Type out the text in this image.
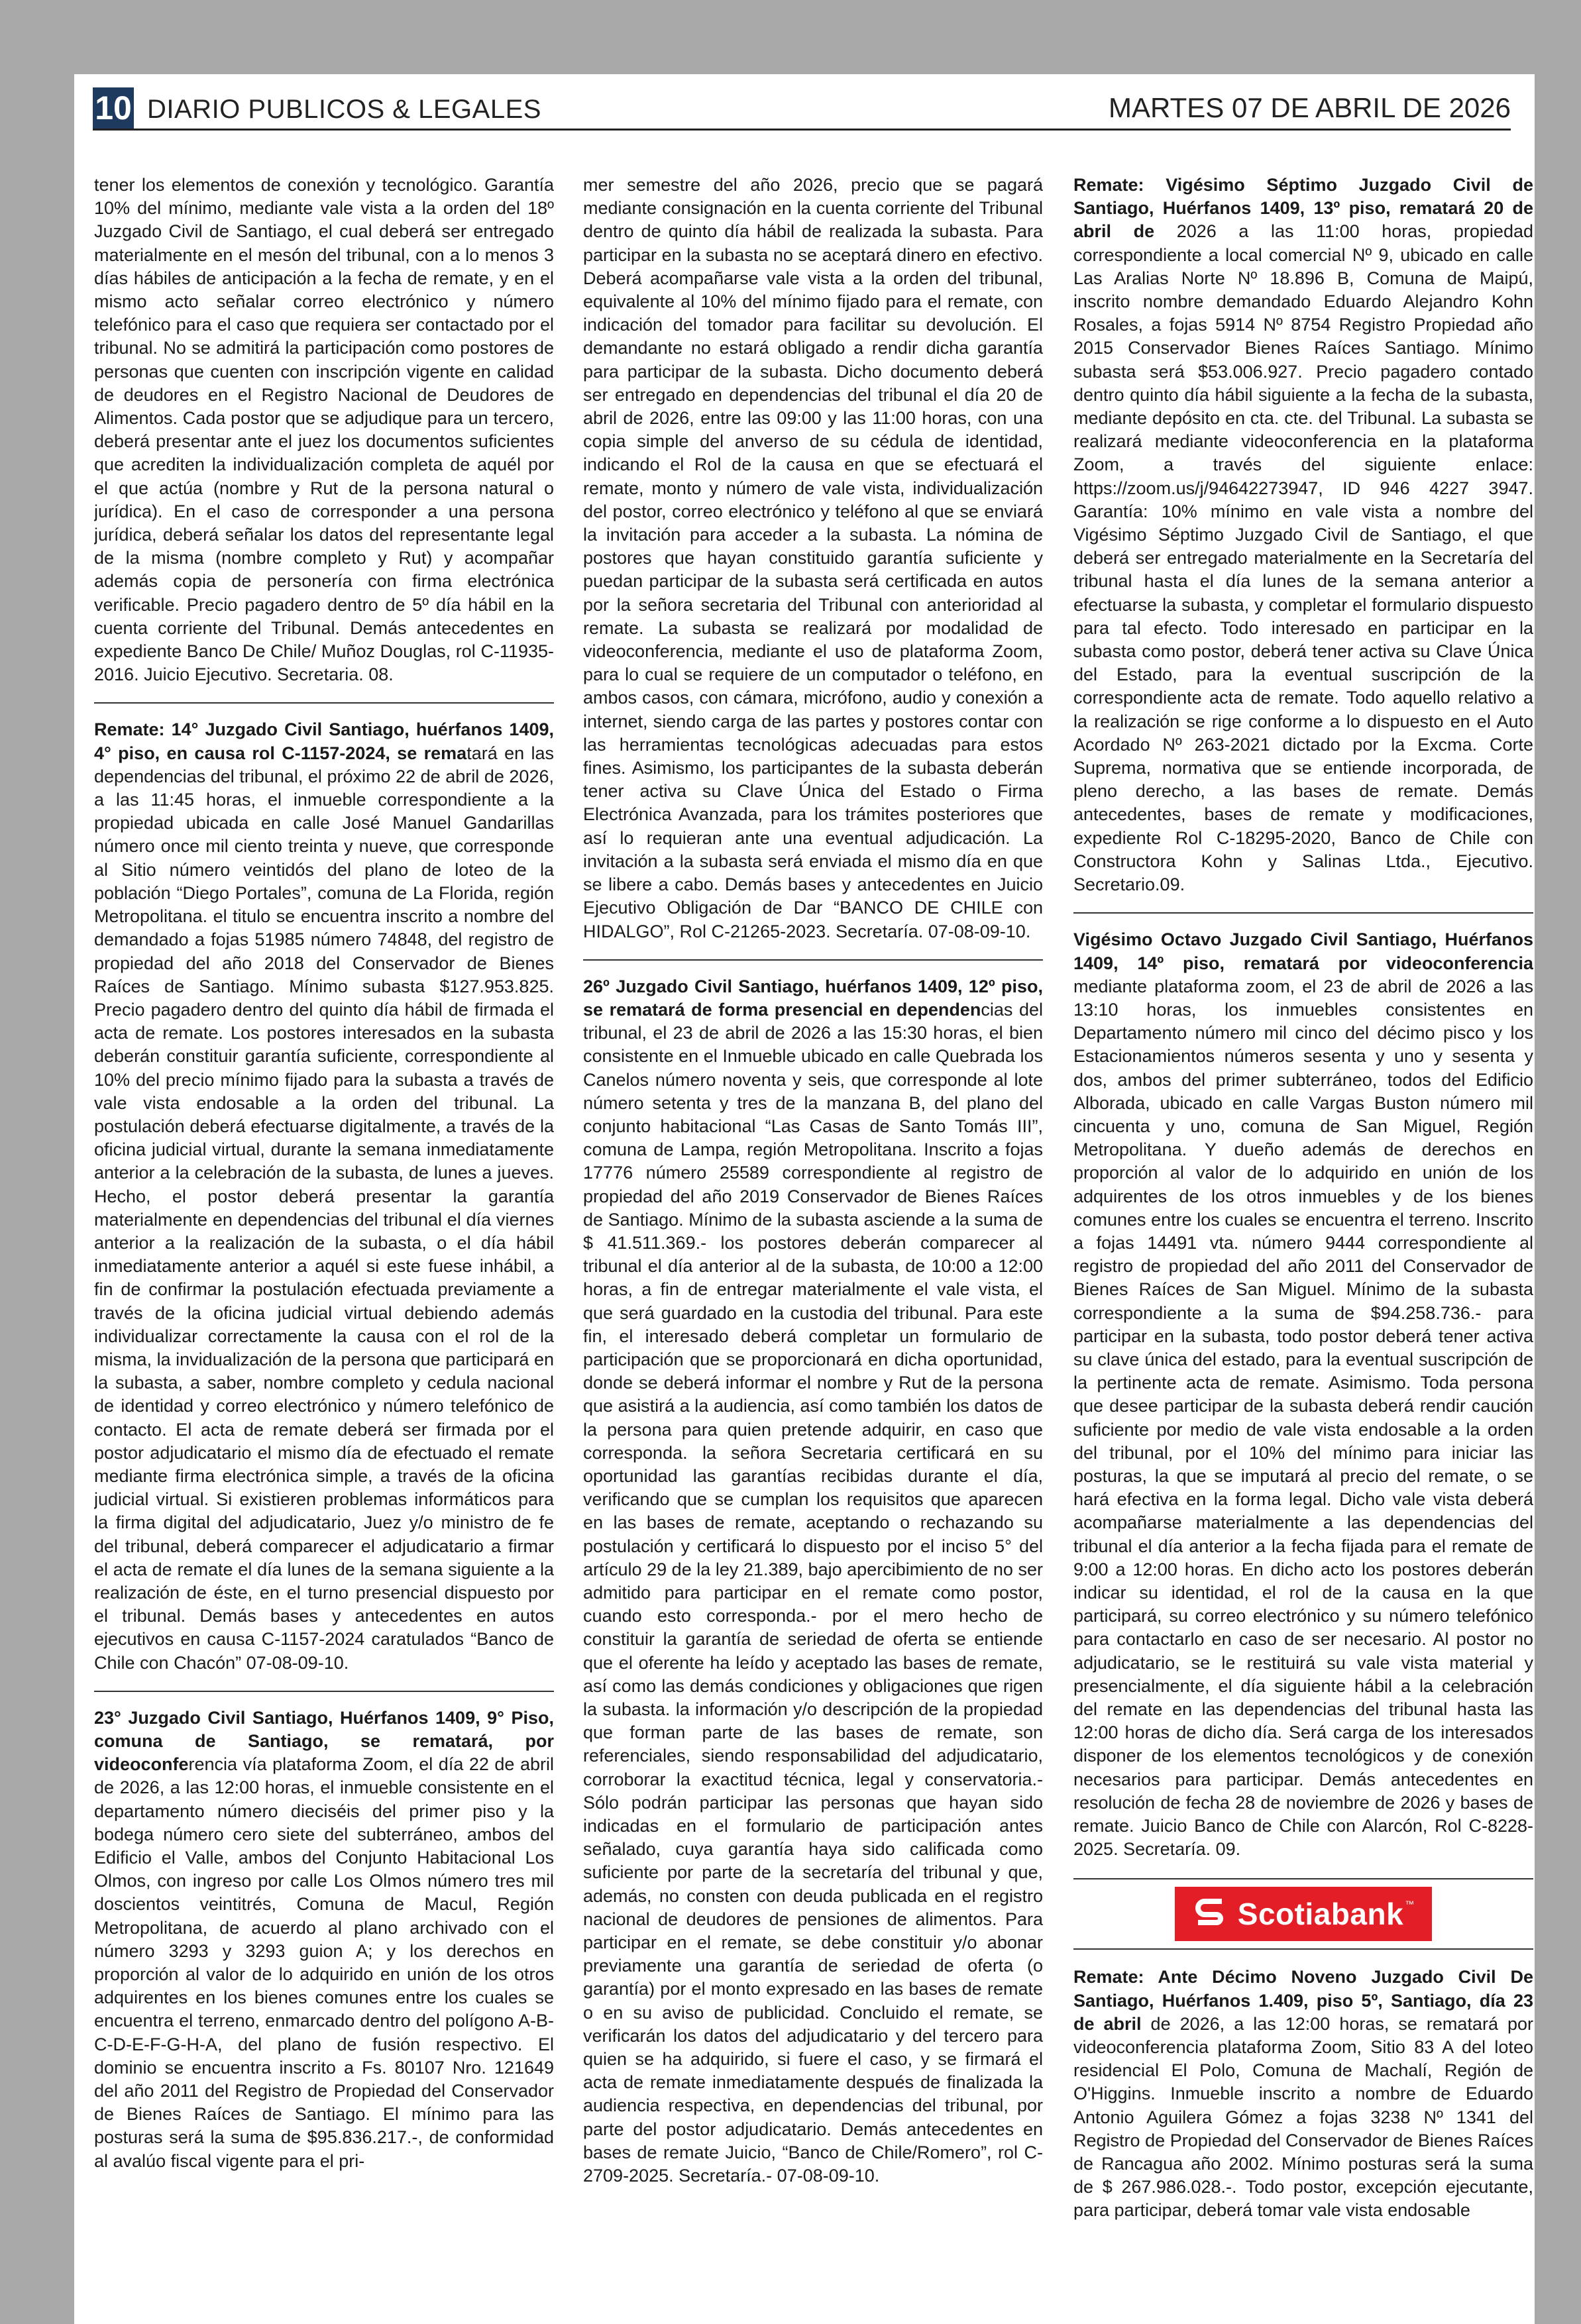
10 DIARIO PUBLICOS & LEGALES	MARTES 07 DE ABRIL DE 2026

tener los elementos de conexión y tecnológico. Garantía 10% del mínimo, mediante vale vista a la orden del 18º Juzgado Civil de Santiago, el cual deberá ser entregado materialmente en el mesón del tribunal, con a lo menos 3 días hábiles de anticipación a la fecha de remate, y en el mismo acto señalar correo electrónico y número telefónico para el caso que requiera ser contactado por el tribunal. No se admitirá la participación como postores de personas que cuenten con inscripción vigente en calidad de deudores en el Registro Nacional de Deudores de Alimentos. Cada postor que se adjudique para un tercero, deberá presentar ante el juez los documentos suficientes que acrediten la individualización completa de aquél por el que actúa (nombre y Rut de la persona natural o jurídica). En el caso de corresponder a una persona jurídica, deberá señalar los datos del representante legal de la misma (nombre completo y Rut) y acompañar además copia de personería con firma electrónica verificable. Precio pagadero dentro de 5º día hábil en la cuenta corriente del Tribunal. Demás antecedentes en expediente Banco De Chile/ Muñoz Douglas, rol C-11935-2016. Juicio Ejecutivo. Secretaria. 08.

Remate: 14° Juzgado Civil Santiago, huérfanos 1409, 4° piso, en causa rol C-1157-2024, se rematará en las dependencias del tribunal, el próximo 22 de abril de 2026, a las 11:45 horas, el inmueble correspondiente a la propiedad ubicada en calle José Manuel Gandarillas número once mil ciento treinta y nueve, que corresponde al Sitio número veintidós del plano de loteo de la población “Diego Portales”, comuna de La Florida, región Metropolitana. el titulo se encuentra inscrito a nombre del demandado a fojas 51985 número 74848, del registro de propiedad del año 2018 del Conservador de Bienes Raíces de Santiago. Mínimo subasta $127.953.825. Precio pagadero dentro del quinto día hábil de firmada el acta de remate. Los postores interesados en la subasta deberán constituir garantía suficiente, correspondiente al 10% del precio mínimo fijado para la subasta a través de vale vista endosable a la orden del tribunal. La postulación deberá efectuarse digitalmente, a través de la oficina judicial virtual, durante la semana inmediatamente anterior a la celebración de la subasta, de lunes a jueves. Hecho, el postor deberá presentar la garantía materialmente en dependencias del tribunal el día viernes anterior a la realización de la subasta, o el día hábil inmediatamente anterior a aquél si este fuese inhábil, a fin de confirmar la postulación efectuada previamente a través de la oficina judicial virtual debiendo además individualizar correctamente la causa con el rol de la misma, la invidualización de la persona que participará en la subasta, a saber, nombre completo y cedula nacional de identidad y correo electrónico y número telefónico de contacto. El acta de remate deberá ser firmada por el postor adjudicatario el mismo día de efectuado el remate mediante firma electrónica simple, a través de la oficina judicial virtual. Si existieren problemas informáticos para la firma digital del adjudicatario, Juez y/o ministro de fe del tribunal, deberá comparecer el adjudicatario a firmar el acta de remate el día lunes de la semana siguiente a la realización de éste, en el turno presencial dispuesto por el tribunal. Demás bases y antecedentes en autos ejecutivos en causa C-1157-2024 caratulados “Banco de Chile con Chacón” 07-08-09-10.

23° Juzgado Civil Santiago, Huérfanos 1409, 9° Piso, comuna de Santiago, se rematará, por videoconferencia vía plataforma Zoom, el día 22 de abril de 2026, a las 12:00 horas, el inmueble consistente en el departamento número dieciséis del primer piso y la bodega número cero siete del subterráneo, ambos del Edificio el Valle, ambos del Conjunto Habitacional Los Olmos, con ingreso por calle Los Olmos número tres mil doscientos veintitrés, Comuna de Macul, Región Metropolitana, de acuerdo al plano archivado con el número 3293 y 3293 guion A; y los derechos en proporción al valor de lo adquirido en unión de los otros adquirentes en los bienes comunes entre los cuales se encuentra el terreno, enmarcado dentro del polígono A-B-C-D-E-F-G-H-A, del plano de fusión respectivo. El dominio se encuentra inscrito a Fs. 80107 Nro. 121649 del año 2011 del Registro de Propiedad del Conservador de Bienes Raíces de Santiago. El mínimo para las posturas será la suma de $95.836.217.-, de conformidad al avalúo fiscal vigente para el pri-

mer semestre del año 2026, precio que se pagará mediante consignación en la cuenta corriente del Tribunal dentro de quinto día hábil de realizada la subasta. Para participar en la subasta no se aceptará dinero en efectivo. Deberá acompañarse vale vista a la orden del tribunal, equivalente al 10% del mínimo fijado para el remate, con indicación del tomador para facilitar su devolución. El demandante no estará obligado a rendir dicha garantía para participar de la subasta. Dicho documento deberá ser entregado en dependencias del tribunal el día 20 de abril de 2026, entre las 09:00 y las 11:00 horas, con una copia simple del anverso de su cédula de identidad, indicando el Rol de la causa en que se efectuará el remate, monto y número de vale vista, individualización del postor, correo electrónico y teléfono al que se enviará la invitación para acceder a la subasta. La nómina de postores que hayan constituido garantía suficiente y puedan participar de la subasta será certificada en autos por la señora secretaria del Tribunal con anterioridad al remate. La subasta se realizará por modalidad de videoconferencia, mediante el uso de plataforma Zoom, para lo cual se requiere de un computador o teléfono, en ambos casos, con cámara, micrófono, audio y conexión a internet, siendo carga de las partes y postores contar con las herramientas tecnológicas adecuadas para estos fines. Asimismo, los participantes de la subasta deberán tener activa su Clave Única del Estado o Firma Electrónica Avanzada, para los trámites posteriores que así lo requieran ante una eventual adjudicación. La invitación a la subasta será enviada el mismo día en que se libere a cabo. Demás bases y antecedentes en Juicio Ejecutivo Obligación de Dar “BANCO DE CHILE con HIDALGO”, Rol C-21265-2023. Secretaría. 07-08-09-10.

26º Juzgado Civil Santiago, huérfanos 1409, 12º piso, se rematará de forma presencial en dependencias del tribunal, el 23 de abril de 2026 a las 15:30 horas, el bien consistente en el Inmueble ubicado en calle Quebrada los Canelos número noventa y seis, que corresponde al lote número setenta y tres de la manzana B, del plano del conjunto habitacional “Las Casas de Santo Tomás III”, comuna de Lampa, región Metropolitana. Inscrito a fojas 17776 número 25589 correspondiente al registro de propiedad del año 2019 Conservador de Bienes Raíces de Santiago. Mínimo de la subasta asciende a la suma de $ 41.511.369.- los postores deberán comparecer al tribunal el día anterior al de la subasta, de 10:00 a 12:00 horas, a fin de entregar materialmente el vale vista, el que será guardado en la custodia del tribunal. Para este fin, el interesado deberá completar un formulario de participación que se proporcionará en dicha oportunidad, donde se deberá informar el nombre y Rut de la persona que asistirá a la audiencia, así como también los datos de la persona para quien pretende adquirir, en caso que corresponda. la señora Secretaria certificará en su oportunidad las garantías recibidas durante el día, verificando que se cumplan los requisitos que aparecen en las bases de remate, aceptando o rechazando su postulación y certificará lo dispuesto por el inciso 5° del artículo 29 de la ley 21.389, bajo apercibimiento de no ser admitido para participar en el remate como postor, cuando esto corresponda.- por el mero hecho de constituir la garantía de seriedad de oferta se entiende que el oferente ha leído y aceptado las bases de remate, así como las demás condiciones y obligaciones que rigen la subasta. la información y/o descripción de la propiedad que forman parte de las bases de remate, son referenciales, siendo responsabilidad del adjudicatario, corroborar la exactitud técnica, legal y conservatoria.- Sólo podrán participar las personas que hayan sido indicadas en el formulario de participación antes señalado, cuya garantía haya sido calificada como suficiente por parte de la secretaría del tribunal y que, además, no consten con deuda publicada en el registro nacional de deudores de pensiones de alimentos. Para participar en el remate, se debe constituir y/o abonar previamente una garantía de seriedad de oferta (o garantía) por el monto expresado en las bases de remate o en su aviso de publicidad. Concluido el remate, se verificarán los datos del adjudicatario y del tercero para quien se ha adquirido, si fuere el caso, y se firmará el acta de remate inmediatamente después de finalizada la audiencia respectiva, en dependencias del tribunal, por parte del postor adjudicatario. Demás antecedentes en bases de remate Juicio, “Banco de Chile/Romero”, rol C-2709-2025. Secretaría.- 07-08-09-10.

Remate: Vigésimo Séptimo Juzgado Civil de Santiago, Huérfanos 1409, 13º piso, rematará 20 de abril de 2026 a las 11:00 horas, propiedad correspondiente a local comercial Nº 9, ubicado en calle Las Aralias Norte Nº 18.896 B, Comuna de Maipú, inscrito nombre demandado Eduardo Alejandro Kohn Rosales, a fojas 5914 Nº 8754 Registro Propiedad año 2015 Conservador Bienes Raíces Santiago. Mínimo subasta será $53.006.927. Precio pagadero contado dentro quinto día hábil siguiente a la fecha de la subasta, mediante depósito en cta. cte. del Tribunal. La subasta se realizará mediante videoconferencia en la plataforma Zoom, a través del siguiente enlace: https://zoom.us/j/94642273947, ID 946 4227 3947. Garantía: 10% mínimo en vale vista a nombre del Vigésimo Séptimo Juzgado Civil de Santiago, el que deberá ser entregado materialmente en la Secretaría del tribunal hasta el día lunes de la semana anterior a efectuarse la subasta, y completar el formulario dispuesto para tal efecto. Todo interesado en participar en la subasta como postor, deberá tener activa su Clave Única del Estado, para la eventual suscripción de la correspondiente acta de remate. Todo aquello relativo a la realización se rige conforme a lo dispuesto en el Auto Acordado Nº 263-2021 dictado por la Excma. Corte Suprema, normativa que se entiende incorporada, de pleno derecho, a las bases de remate. Demás antecedentes, bases de remate y modificaciones, expediente Rol C-18295-2020, Banco de Chile con Constructora Kohn y Salinas Ltda., Ejecutivo. Secretario.09.

Vigésimo Octavo Juzgado Civil Santiago, Huérfanos 1409, 14º piso, rematará por videoconferencia mediante plataforma zoom, el 23 de abril de 2026 a las 13:10 horas, los inmuebles consistentes en Departamento número mil cinco del décimo pisco y los Estacionamientos números sesenta y uno y sesenta y dos, ambos del primer subterráneo, todos del Edificio Alborada, ubicado en calle Vargas Buston número mil cincuenta y uno, comuna de San Miguel, Región Metropolitana. Y dueño además de derechos en proporción al valor de lo adquirido en unión de los adquirentes de los otros inmuebles y de los bienes comunes entre los cuales se encuentra el terreno. Inscrito a fojas 14491 vta. número 9444 correspondiente al registro de propiedad del año 2011 del Conservador de Bienes Raíces de San Miguel. Mínimo de la subasta correspondiente a la suma de $94.258.736.- para participar en la subasta, todo postor deberá tener activa su clave única del estado, para la eventual suscripción de la pertinente acta de remate. Asimismo. Toda persona que desee participar de la subasta deberá rendir caución suficiente por medio de vale vista endosable a la orden del tribunal, por el 10% del mínimo para iniciar las posturas, la que se imputará al precio del remate, o se hará efectiva en la forma legal. Dicho vale vista deberá acompañarse materialmente a las dependencias del tribunal el día anterior a la fecha fijada para el remate de 9:00 a 12:00 horas. En dicho acto los postores deberán indicar su identidad, el rol de la causa en la que participará, su correo electrónico y su número telefónico para contactarlo en caso de ser necesario. Al postor no adjudicatario, se le restituirá su vale vista material y presencialmente, el día siguiente hábil a la celebración del remate en las dependencias del tribunal hasta las 12:00 horas de dicho día. Será carga de los interesados disponer de los elementos tecnológicos y de conexión necesarios para participar. Demás antecedentes en resolución de fecha 28 de noviembre de 2026 y bases de remate. Juicio Banco de Chile con Alarcón, Rol C-8228-2025. Secretaría. 09.

Scotiabank ™

Remate: Ante Décimo Noveno Juzgado Civil De Santiago, Huérfanos 1.409, piso 5º, Santiago, día 23 de abril de 2026, a las 12:00 horas, se rematará por videoconferencia plataforma Zoom, Sitio 83 A del loteo residencial El Polo, Comuna de Machalí, Región de O'Higgins. Inmueble inscrito a nombre de Eduardo Antonio Aguilera Gómez a fojas 3238 Nº 1341 del Registro de Propiedad del Conservador de Bienes Raíces de Rancagua año 2002. Mínimo posturas será la suma de $ 267.986.028.-. Todo postor, excepción ejecutante, para participar, deberá tomar vale vista endosable
